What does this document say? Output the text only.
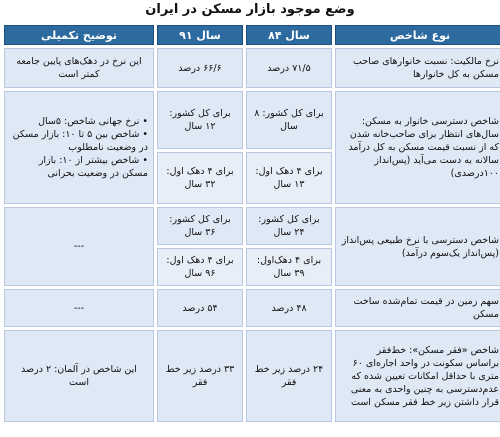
وضع موجود بازار مسکن در ایران
نوع شاخص	سال ۸۴	سال ۹۱	توضیح تکمیلی
نرخ مالکیت: نسبت خانوارهای صاحب مسکن به کل خانوارها	۷۱/۵ درصد	۶۶/۶ درصد	این نرخ در دهک‌های پایین جامعه کمتر است
شاخص دسترسی خانوار به مسکن: سال‌های انتظار برای صاحب‌خانه شدن که از نسبت قیمت مسکن به کل درآمد سالانه به دست می‌آید (پس‌انداز ۱۰۰درصدی)	برای کل کشور: ۸ سال	برای کل کشور: ۱۲ سال	• نرخ جهانی شاخص: ۵سال
• شاخص بین ۵ تا ۱۰: بازار مسکن در وضعیت نامطلوب
• شاخص بیشتر از ۱۰: بازار مسکن در وضعیت بحرانی
	برای ۴ دهک اول: ۱۳ سال	برای ۴ دهک اول: ۳۲ سال	
شاخص دسترسی با نرخ طبیعی پس‌انداز (پس‌انداز یک‌سوم درآمد)	برای کل کشور: ۲۴ سال	برای کل کشور: ۳۶ سال	---
	برای ۴ دهک‌اول: ۳۹ سال	برای ۴ دهک اول: ۹۶ سال	
سهم زمین در قیمت تمام‌شده ساخت مسکن	۴۸ درصد	۵۴ درصد	---
شاخص «فقر مسکن»: خط‌فقر براساس سکونت در واحد اجاره‌ای ۶۰ متری با حداقل امکانات تعیین شده که عدم‌دسترسی به چنین واحدی به معنی قرار داشتن زیر خط فقر مسکن است	۲۴ درصد زیر خط فقر	۳۳ درصد زیر خط فقر	این شاخص در آلمان: ۲ درصد است
